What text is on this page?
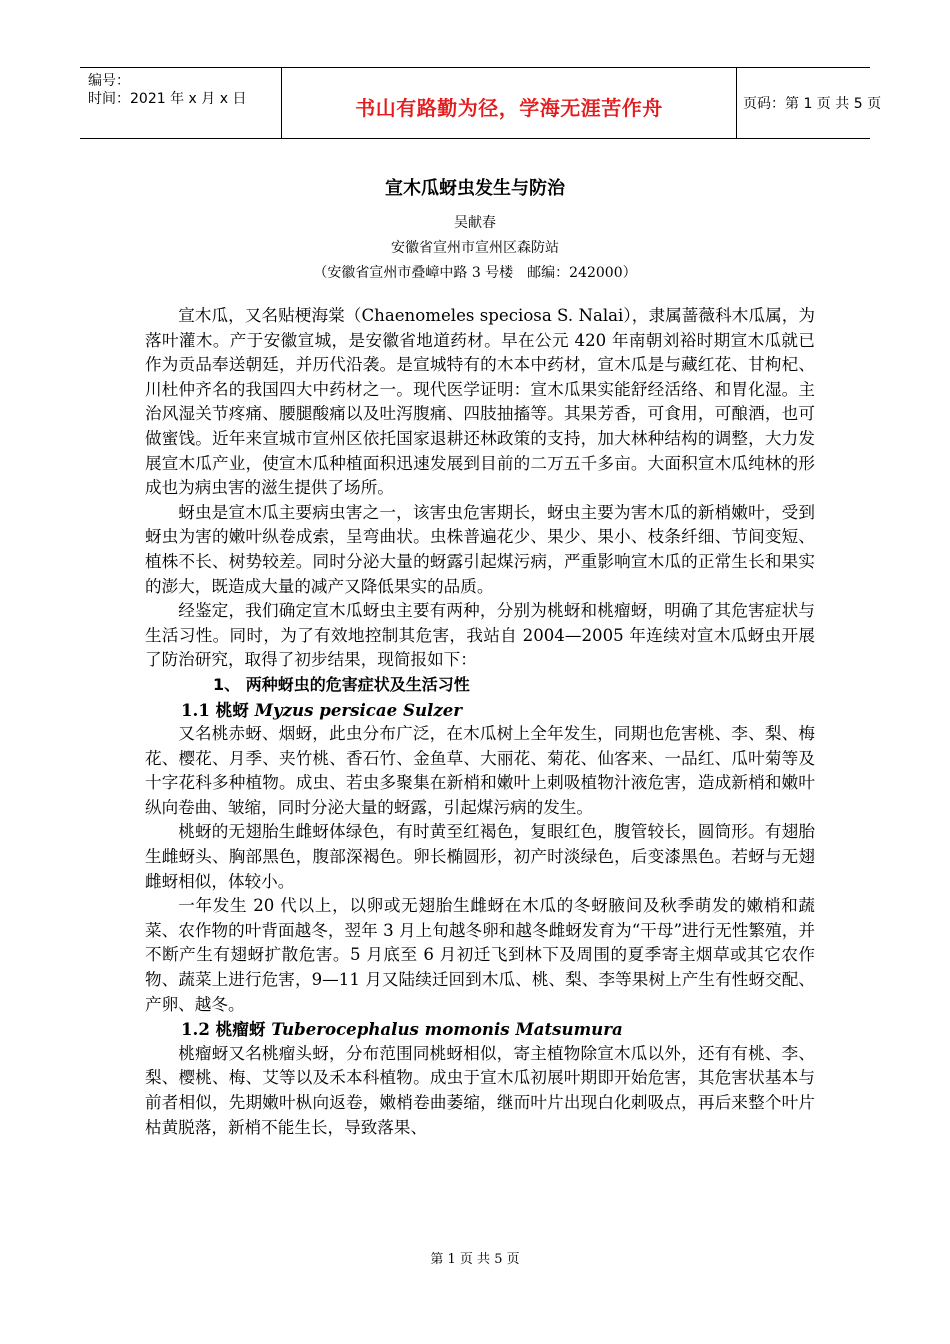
编号：
时间：2021 年 x 月 x 日	书山有路勤为径，学海无涯苦作舟	页码：第 1 页 共 5 页
宣木瓜蚜虫发生与防治
吴献春
安徽省宣州市宣州区森防站
（安徽省宣州市叠嶂中路 3 号楼　邮编：242000）

宣木瓜，又名贴梗海棠（Chaenomeles speciosa S. Nalai），隶属蔷薇科木瓜属，为落叶灌木。产于安徽宣城，是安徽省地道药材。早在公元 420 年南朝刘裕时期宣木瓜就已作为贡品奉送朝廷，并历代沿袭。是宣城特有的木本中药材，宣木瓜是与藏红花、甘枸杞、川杜仲齐名的我国四大中药材之一。现代医学证明：宣木瓜果实能舒经活络、和胃化湿。主治风湿关节疼痛、腰腿酸痛以及吐泻腹痛、四肢抽搐等。其果芳香，可食用，可酿酒，也可做蜜饯。近年来宣城市宣州区依托国家退耕还林政策的支持，加大林种结构的调整，大力发展宣木瓜产业，使宣木瓜种植面积迅速发展到目前的二万五千多亩。大面积宣木瓜纯林的形成也为病虫害的滋生提供了场所。

蚜虫是宣木瓜主要病虫害之一，该害虫危害期长，蚜虫主要为害木瓜的新梢嫩叶，受到蚜虫为害的嫩叶纵卷成索，呈弯曲状。虫株普遍花少、果少、果小、枝条纤细、节间变短、植株不长、树势较差。同时分泌大量的蚜露引起煤污病，严重影响宣木瓜的正常生长和果实的澎大，既造成大量的减产又降低果实的品质。

经鉴定，我们确定宣木瓜蚜虫主要有两种，分别为桃蚜和桃瘤蚜，明确了其危害症状与生活习性。同时，为了有效地控制其危害，我站自 2004—2005 年连续对宣木瓜蚜虫开展了防治研究，取得了初步结果，现简报如下：

1、 两种蚜虫的危害症状及生活习性
1.1 桃蚜 Myzus persicae Sulzer

又名桃赤蚜、烟蚜，此虫分布广泛，在木瓜树上全年发生，同期也危害桃、李、梨、梅花、樱花、月季、夹竹桃、香石竹、金鱼草、大丽花、菊花、仙客来、一品红、瓜叶菊等及十字花科多种植物。成虫、若虫多聚集在新梢和嫩叶上刺吸植物汁液危害，造成新梢和嫩叶纵向卷曲、皱缩，同时分泌大量的蚜露，引起煤污病的发生。

桃蚜的无翅胎生雌蚜体绿色，有时黄至红褐色，复眼红色，腹管较长，圆筒形。有翅胎生雌蚜头、胸部黑色，腹部深褐色。卵长椭圆形，初产时淡绿色，后变漆黑色。若蚜与无翅雌蚜相似，体较小。

一年发生 20 代以上，以卵或无翅胎生雌蚜在木瓜的冬蚜腋间及秋季萌发的嫩梢和蔬菜、农作物的叶背面越冬，翌年 3 月上旬越冬卵和越冬雌蚜发育为“干母”进行无性繁殖，并不断产生有翅蚜扩散危害。5 月底至 6 月初迁飞到林下及周围的夏季寄主烟草或其它农作物、蔬菜上进行危害，9—11 月又陆续迁回到木瓜、桃、梨、李等果树上产生有性蚜交配、产卵、越冬。

1.2 桃瘤蚜 Tuberocephalus momonis Matsumura

桃瘤蚜又名桃瘤头蚜，分布范围同桃蚜相似，寄主植物除宣木瓜以外，还有有桃、李、梨、樱桃、梅、艾等以及禾本科植物。成虫于宣木瓜初展叶期即开始危害，其危害状基本与前者相似，先期嫩叶枞向返卷，嫩梢卷曲萎缩，继而叶片出现白化刺吸点，再后来整个叶片枯黄脱落，新梢不能生长，导致落果、

第 1 页 共 5 页
